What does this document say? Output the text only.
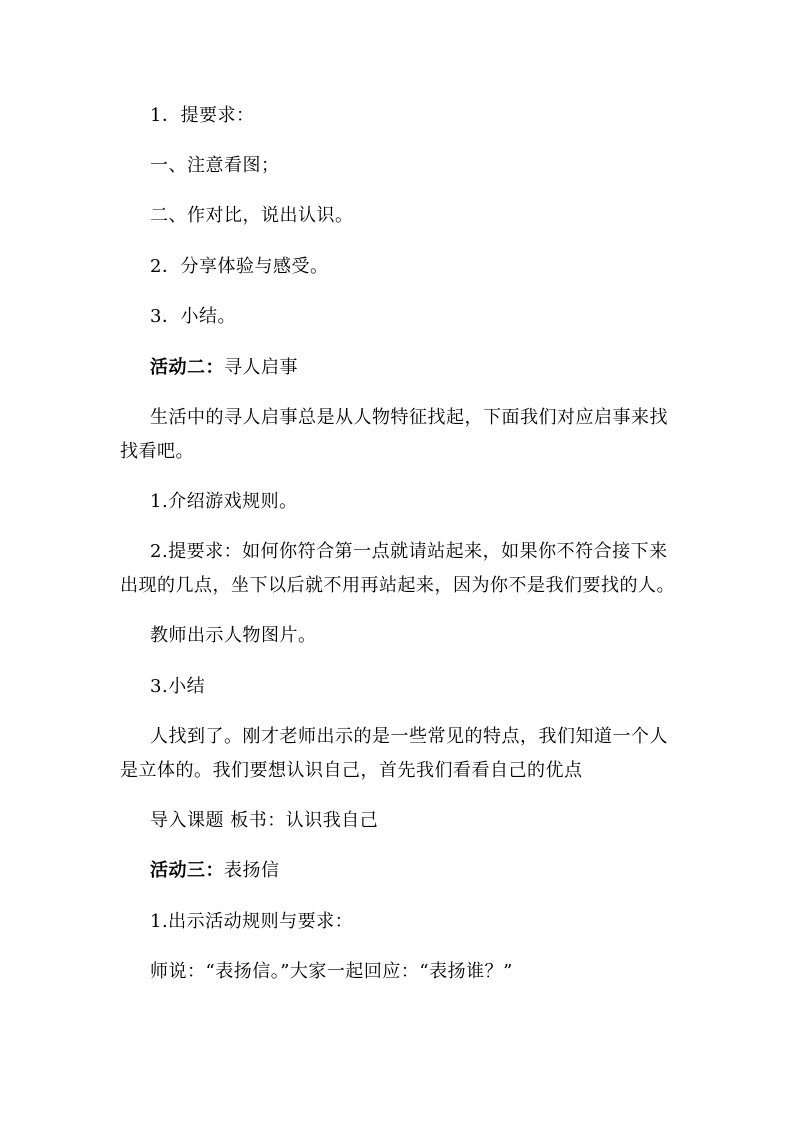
1．提要求：
一、注意看图；
二、作对比，说出认识。
2．分享体验与感受。
3．小结。
活动二：寻人启事
生活中的寻人启事总是从人物特征找起，下面我们对应启事来找
找看吧。
1.介绍游戏规则。
2.提要求：如何你符合第一点就请站起来，如果你不符合接下来
出现的几点，坐下以后就不用再站起来，因为你不是我们要找的人。
教师出示人物图片。
3.小结
人找到了。刚才老师出示的是一些常见的特点，我们知道一个人
是立体的。我们要想认识自己，首先我们看看自己的优点
导入课题 板书：认识我自己
活动三：表扬信
1.出示活动规则与要求：
师说：“表扬信。”大家一起回应：“表扬谁？”
